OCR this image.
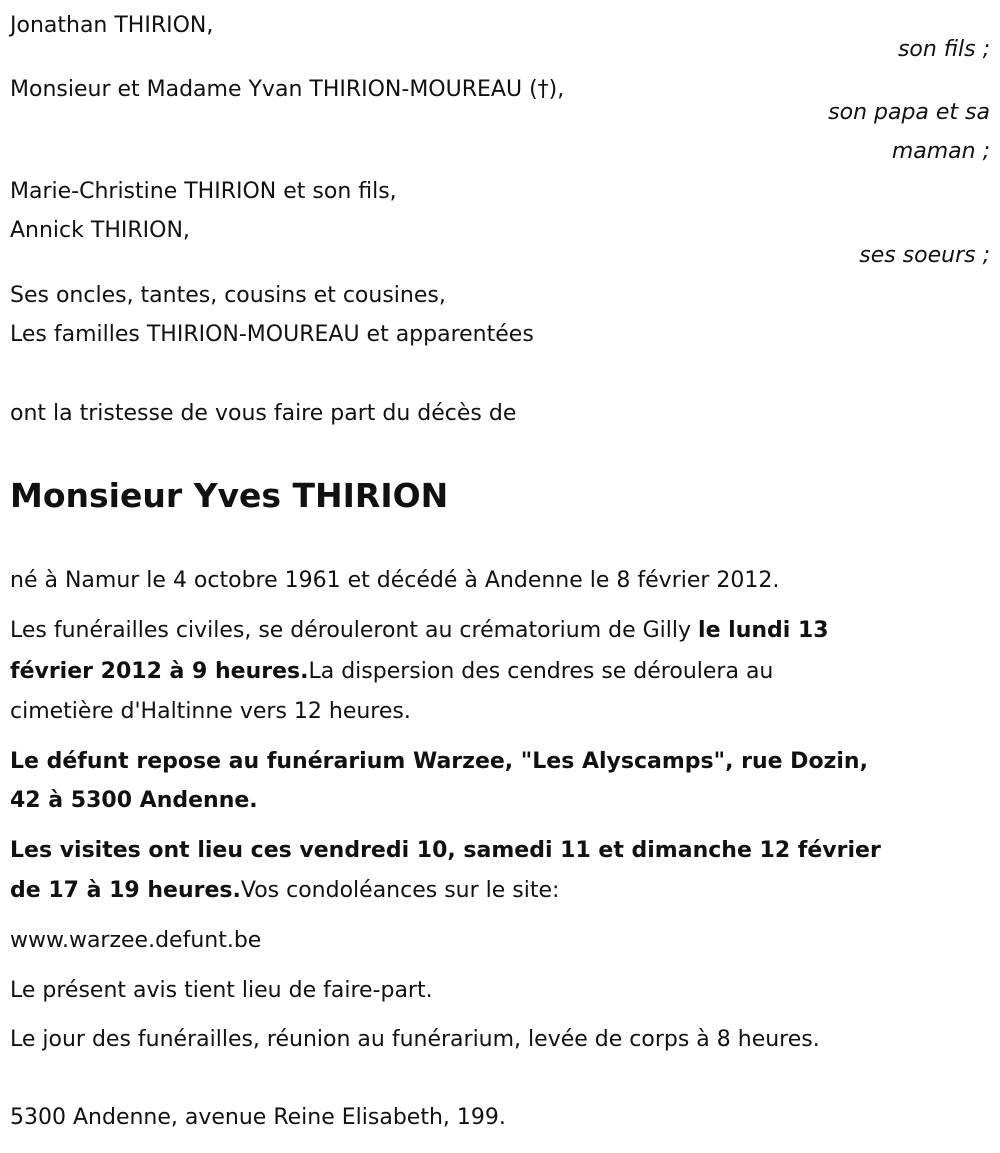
Jonathan THIRION,
son fils ;
Monsieur et Madame Yvan THIRION-MOUREAU (†),
son papa et sa
maman ;
Marie-Christine THIRION et son fils,
Annick THIRION,
ses soeurs ;
Ses oncles, tantes, cousins et cousines,
Les familles THIRION-MOUREAU et apparentées
ont la tristesse de vous faire part du décès de
Monsieur Yves THIRION
né à Namur le 4 octobre 1961 et décédé à Andenne le 8 février 2012.
Les funérailles civiles, se dérouleront au crématorium de Gilly le lundi 13
février 2012 à 9 heures.La dispersion des cendres se déroulera au
cimetière d'Haltinne vers 12 heures.
Le défunt repose au funérarium Warzee, "Les Alyscamps", rue Dozin,
42 à 5300 Andenne.
Les visites ont lieu ces vendredi 10, samedi 11 et dimanche 12 février
de 17 à 19 heures.Vos condoléances sur le site:
www.warzee.defunt.be
Le présent avis tient lieu de faire-part.
Le jour des funérailles, réunion au funérarium, levée de corps à 8 heures.
5300 Andenne, avenue Reine Elisabeth, 199.
